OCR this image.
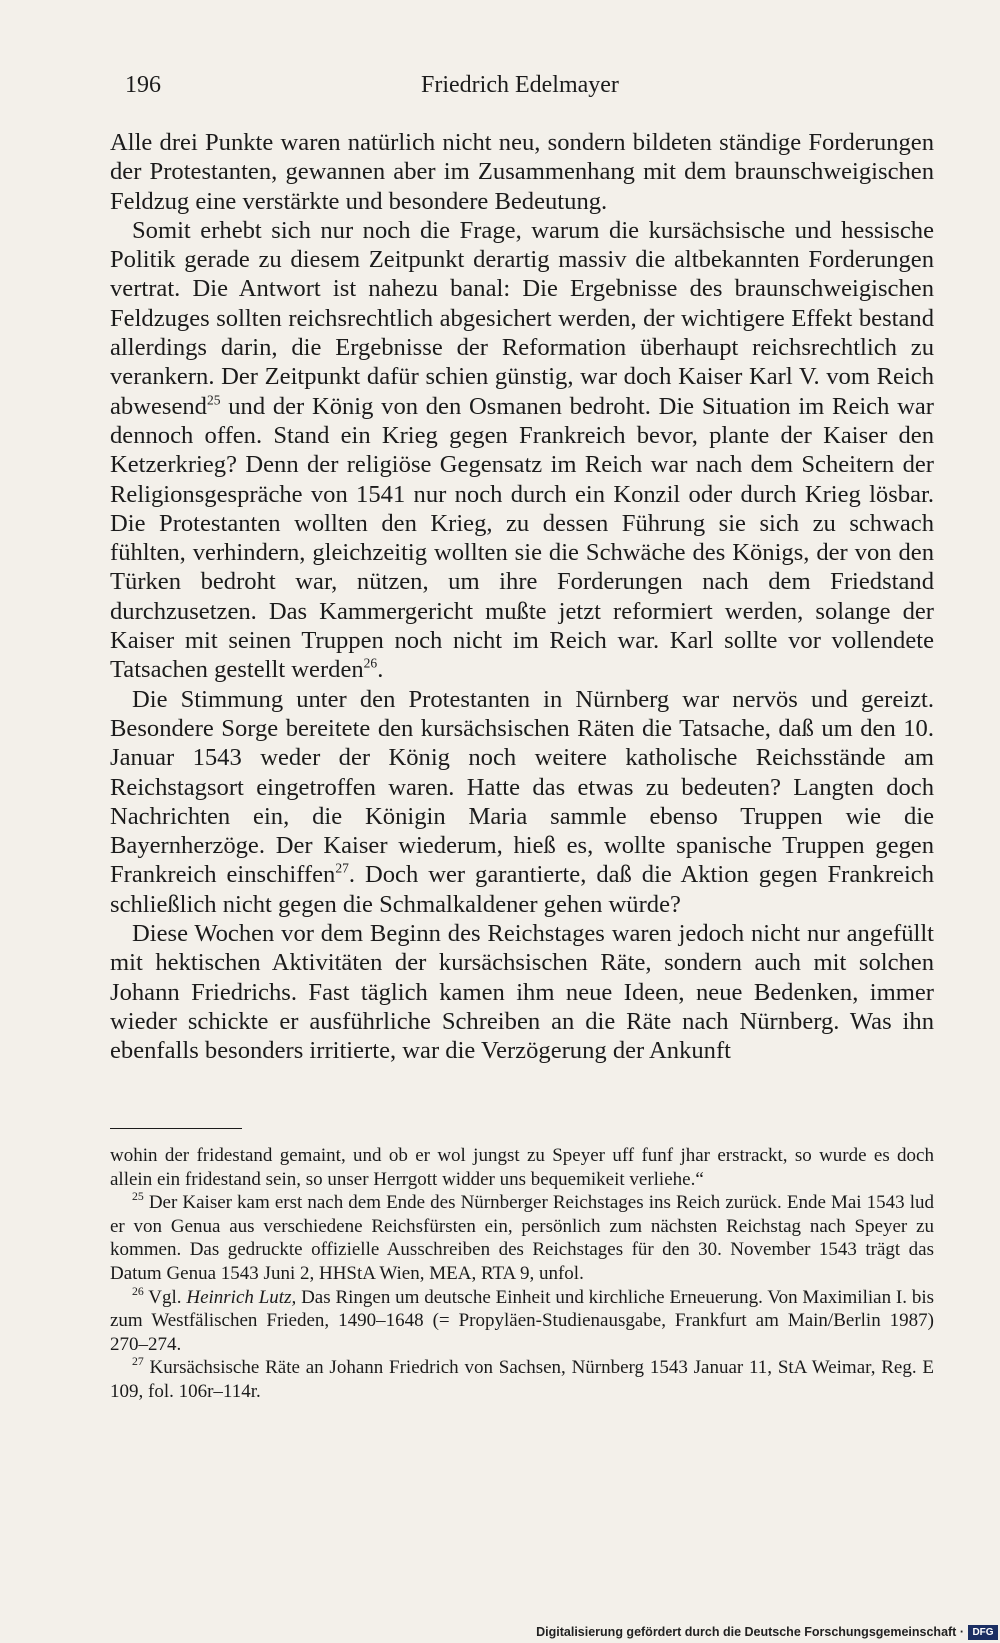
196	Friedrich Edelmayer

Alle drei Punkte waren natürlich nicht neu, sondern bildeten ständige Forderungen der Protestanten, gewannen aber im Zusammenhang mit dem braunschweigischen Feldzug eine verstärkte und besondere Bedeutung.

Somit erhebt sich nur noch die Frage, warum die kursächsische und hessische Politik gerade zu diesem Zeitpunkt derartig massiv die altbekannten Forderungen vertrat. Die Antwort ist nahezu banal: Die Ergebnisse des braunschweigischen Feldzuges sollten reichsrechtlich abgesichert werden, der wichtigere Effekt bestand allerdings darin, die Ergebnisse der Reformation überhaupt reichsrechtlich zu verankern. Der Zeitpunkt dafür schien günstig, war doch Kaiser Karl V. vom Reich abwesend$^{25}$ und der König von den Osmanen bedroht. Die Situation im Reich war dennoch offen. Stand ein Krieg gegen Frankreich bevor, plante der Kaiser den Ketzerkrieg? Denn der religiöse Gegensatz im Reich war nach dem Scheitern der Religionsgespräche von 1541 nur noch durch ein Konzil oder durch Krieg lösbar. Die Protestanten wollten den Krieg, zu dessen Führung sie sich zu schwach fühlten, verhindern, gleichzeitig wollten sie die Schwäche des Königs, der von den Türken bedroht war, nützen, um ihre Forderungen nach dem Friedstand durchzusetzen. Das Kammergericht mußte jetzt reformiert werden, solange der Kaiser mit seinen Truppen noch nicht im Reich war. Karl sollte vor vollendete Tatsachen gestellt werden$^{26}$.

Die Stimmung unter den Protestanten in Nürnberg war nervös und gereizt. Besondere Sorge bereitete den kursächsischen Räten die Tatsache, daß um den 10. Januar 1543 weder der König noch weitere katholische Reichsstände am Reichstagsort eingetroffen waren. Hatte das etwas zu bedeuten? Langten doch Nachrichten ein, die Königin Maria sammle ebenso Truppen wie die Bayernherzöge. Der Kaiser wiederum, hieß es, wollte spanische Truppen gegen Frankreich einschiffen$^{27}$. Doch wer garantierte, daß die Aktion gegen Frankreich schließlich nicht gegen die Schmalkaldener gehen würde?

Diese Wochen vor dem Beginn des Reichstages waren jedoch nicht nur angefüllt mit hektischen Aktivitäten der kursächsischen Räte, sondern auch mit solchen Johann Friedrichs. Fast täglich kamen ihm neue Ideen, neue Bedenken, immer wieder schickte er ausführliche Schreiben an die Räte nach Nürnberg. Was ihn ebenfalls besonders irritierte, war die Verzögerung der Ankunft

wohin der fridestand gemaint, und ob er wol jungst zu Speyer uff funf jhar erstrackt, so wurde es doch allein ein fridestand sein, so unser Herrgott widder uns bequemikeit verliehe.“

$^{25}$ Der Kaiser kam erst nach dem Ende des Nürnberger Reichstages ins Reich zurück. Ende Mai 1543 lud er von Genua aus verschiedene Reichsfürsten ein, persönlich zum nächsten Reichstag nach Speyer zu kommen. Das gedruckte offizielle Ausschreiben des Reichstages für den 30. November 1543 trägt das Datum Genua 1543 Juni 2, HHStA Wien, MEA, RTA 9, unfol.

$^{26}$ Vgl. Heinrich Lutz, Das Ringen um deutsche Einheit und kirchliche Erneuerung. Von Maximilian I. bis zum Westfälischen Frieden, 1490–1648 (= Propyläen-Studienausgabe, Frankfurt am Main/Berlin 1987) 270–274.

$^{27}$ Kursächsische Räte an Johann Friedrich von Sachsen, Nürnberg 1543 Januar 11, StA Weimar, Reg. E 109, fol. 106r–114r.

Digitalisierung gefördert durch die Deutsche Forschungsgemeinschaft · DFG
